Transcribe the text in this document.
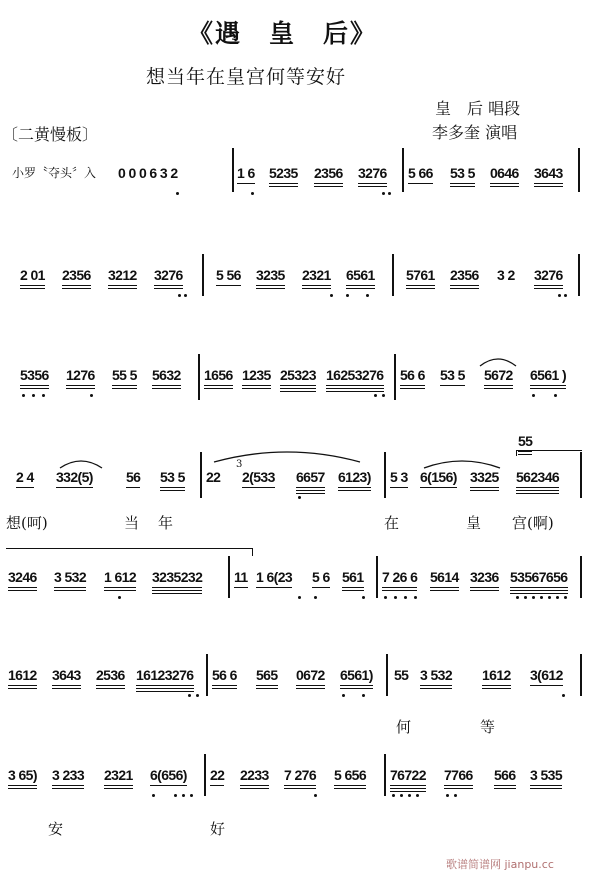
《遇　皇　后》
想当年在皇宫何等安好
皇　后 唱段
李多奎 演唱
〔二黄慢板〕
小罗〝夺头〞入 0 0 0 6 3 2	1 6 5235 2356 3276 5 66 53 5 0646 3643
2 01 2356 3212 3276 5 56 3235 2321 6561 5761 2356 3 2 3276
5356 1276 55 5 5632 1656 1235 25323 16253276 56 6 53 5 5672 6561 )
55
2 4 332(5) 56 53 5 22
3
2(533 6657 6123) 5 3 6(156) 3325 562346
想(呵)	当 年	在	皇 宫(啊)
3246 3 532 1 612 3235232 11 1 6(23 5 6 561 7 26 6 5614 3236 53567656
1612 3643 2536 16123276 56 6 565 0672 6561) 55 3 532 1612 3(612
何	等
3 65) 3 233 2321 6(656) 22 2233 7 276 5 656 76722 7766 566 3 535
安	好
歌谱简谱网 jianpu.cc
